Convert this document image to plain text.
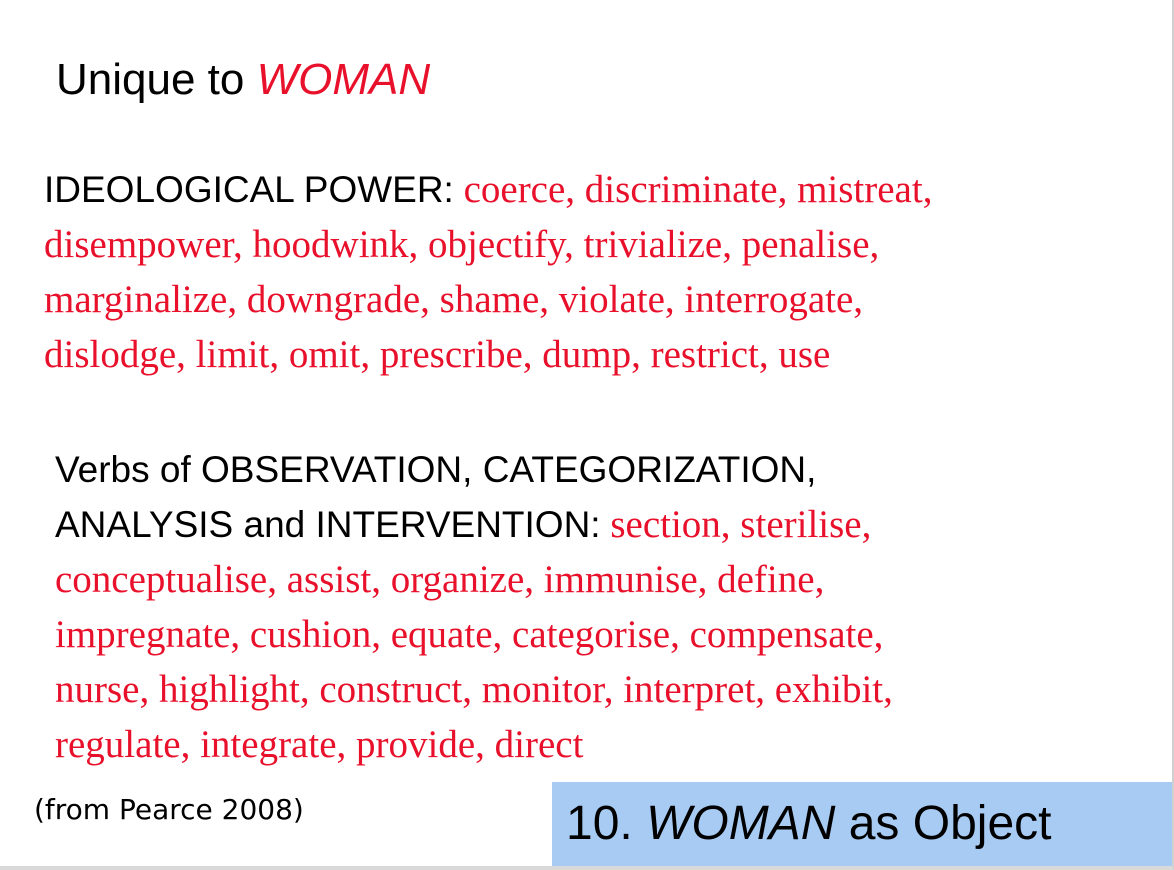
Unique to WOMAN
IDEOLOGICAL POWER: coerce, discriminate, mistreat,
disempower, hoodwink, objectify, trivialize, penalise,
marginalize, downgrade, shame, violate, interrogate,
dislodge, limit, omit, prescribe, dump, restrict, use
Verbs of OBSERVATION, CATEGORIZATION,
ANALYSIS and INTERVENTION: section, sterilise,
conceptualise, assist, organize, immunise, define,
impregnate, cushion, equate, categorise, compensate,
nurse, highlight, construct, monitor, interpret, exhibit,
regulate, integrate, provide, direct
(from Pearce 2008)	10. WOMAN as Object
